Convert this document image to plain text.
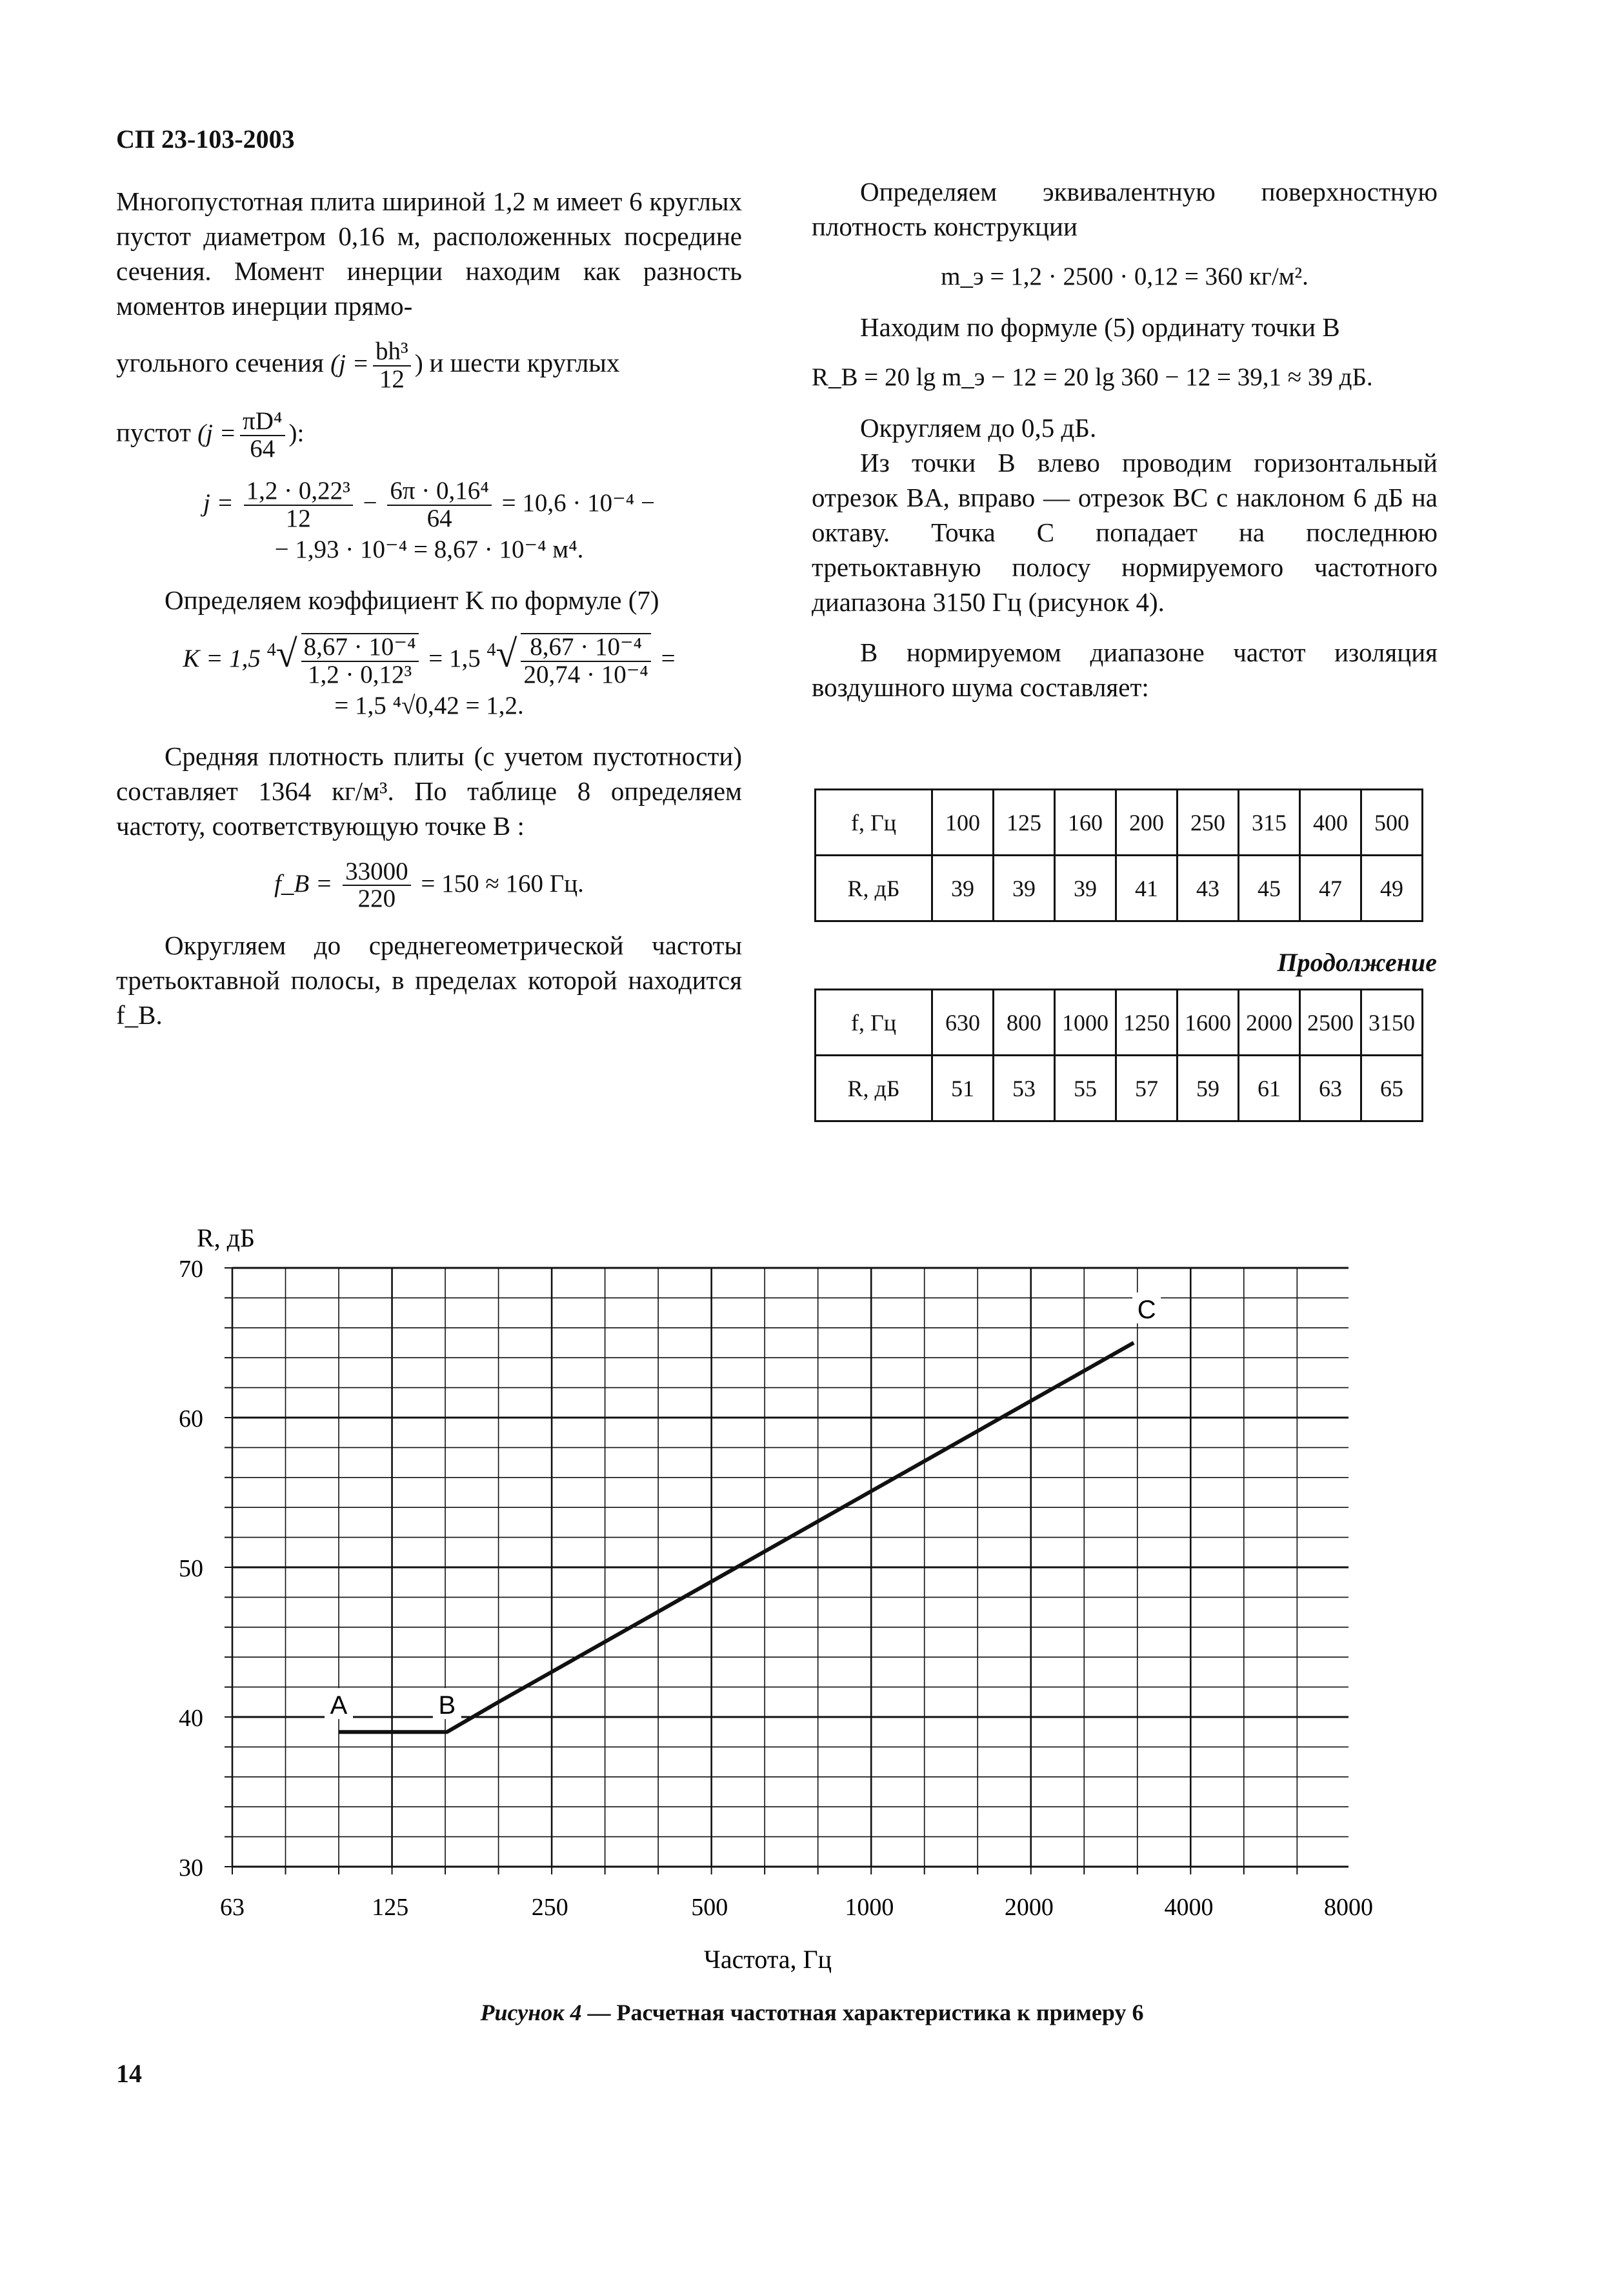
СП 23-103-2003

Многопустотная плита шириной 1,2 м имеет 6 круглых пустот диаметром 0,16 м, расположенных посредине сечения. Момент инерции находим как разность моментов инерции прямо-

угольного сечения ($j = \frac{\text{bh³}}{12}$ ) и шести круглых

пустот ($j = \frac{\text{πD⁴}}{64}$ ):

$j = \frac{\text{1,2 · 0,22³}}{12} - \frac{\text{6π · 0,16⁴}}{64} = 10,6 \cdot 10^{-4}$ −
− 1,93 · 10⁻⁴ = 8,67 · 10⁻⁴ м⁴.

Определяем коэффициент K по формуле (7)

K = 1,5 $^4√ \frac{\text{8,67 · 10⁻⁴}}{\text{1,2 · 0,12³}} = 1,5$ $^4√ \frac{\text{8,67 · 10⁻⁴}}{\text{20,74 · 10⁻⁴}}$ =
= 1,5 ⁴√0,42 = 1,2.

Средняя плотность плиты (с учетом пустотности) составляет 1364 кг/м³. По таблице 8 определяем частоту, соответствующую точке B :

f_B = $\frac{33000}{220} = 150 \approx 160$ Гц.

Округляем до среднегеометрической частоты третьоктавной полосы, в пределах которой находится f_B.

Определяем эквивалентную поверхностную плотность конструкции

m_э = 1,2 · 2500 · 0,12 = 360 кг/м².

Находим по формуле (5) ординату точки B

R_B = 20 lg m_э − 12 = 20 lg 360 − 12 = 39,1 ≈ 39 дБ.

Округляем до 0,5 дБ.

Из точки B влево проводим горизонтальный отрезок BA, вправо — отрезок BC с наклоном 6 дБ на октаву. Точка C попадает на последнюю третьоктавную полосу нормируемого частотного диапазона 3150 Гц (рисунок 4).

В нормируемом диапазоне частот изоляция воздушного шума составляет:

f, Гц	100	125	160	200	250	315	400	500
R, дБ	39	39	39	41	43	45	47	49
Продолжение
f, Гц	630	800	1000	1250	1600	2000	2500	3150
R, дБ	51	53	55	57	59	61	63	65
70
60
50
40
30
63	125	250	500	1000	2000	4000	8000
R, дБ
Частота, Гц
A	B
C
Рисунок 4 — Расчетная частотная характеристика к примеру 6
14
